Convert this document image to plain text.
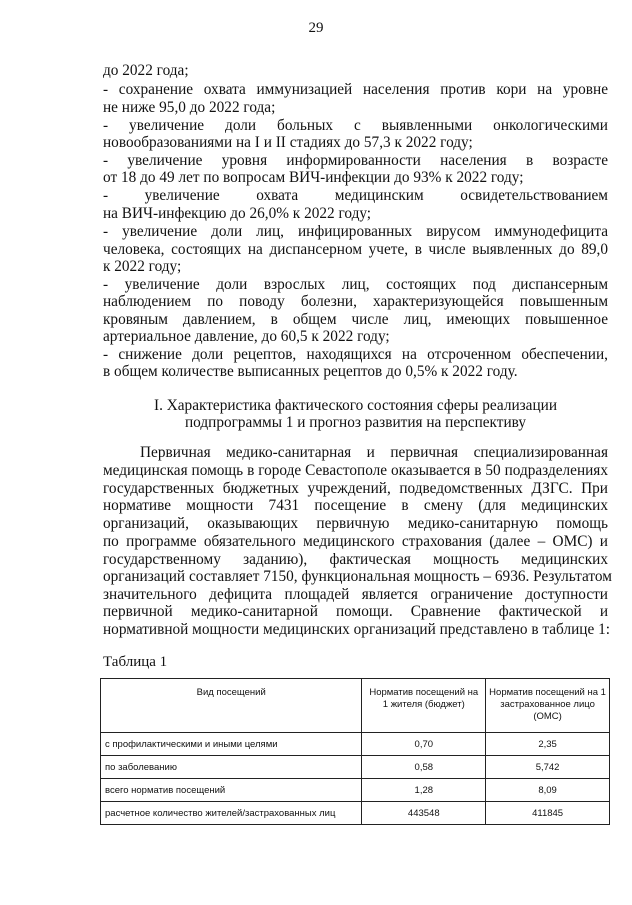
29
до 2022 года;
- сохранение охвата иммунизацией населения против кори на уровне
не ниже 95,0 до 2022 года;
- увеличение доли больных с выявленными онкологическими
новообразованиями на I и II стадиях до 57,3 к 2022 году;
- увеличение уровня информированности населения в возрасте
от 18 до 49 лет по вопросам ВИЧ-инфекции до 93% к 2022 году;
- увеличение охвата медицинским освидетельствованием
на ВИЧ-инфекцию до 26,0% к 2022 году;
- увеличение доли лиц, инфицированных вирусом иммунодефицита
человека, состоящих на диспансерном учете, в числе выявленных до 89,0
к 2022 году;
- увеличение доли взрослых лиц, состоящих под диспансерным
наблюдением по поводу болезни, характеризующейся повышенным
кровяным давлением, в общем числе лиц, имеющих повышенное
артериальное давление, до 60,5 к 2022 году;
- снижение доли рецептов, находящихся на отсроченном обеспечении,
в общем количестве выписанных рецептов до 0,5% к 2022 году.
I. Характеристика фактического состояния сферы реализации
подпрограммы 1 и прогноз развития на перспективу
Первичная медико-санитарная и первичная специализированная
медицинская помощь в городе Севастополе оказывается в 50 подразделениях
государственных бюджетных учреждений, подведомственных ДЗГС. При
нормативе мощности 7431 посещение в смену (для медицинских
организаций, оказывающих первичную медико-санитарную помощь
по программе обязательного медицинского страхования (далее – ОМС) и
государственному заданию), фактическая мощность медицинских
организаций составляет 7150, функциональная мощность – 6936. Результатом
значительного дефицита площадей является ограничение доступности
первичной медико-санитарной помощи. Сравнение фактической и
нормативной мощности медицинских организаций представлено в таблице 1:
Таблица 1
Вид посещений	Норматив посещений на 1 жителя (бюджет)	Норматив посещений на 1 застрахованное лицо (ОМС)
с профилактическими и иными целями	0,70	2,35
по заболеванию	0,58	5,742
всего норматив посещений	1,28	8,09
расчетное количество жителей/застрахованных лиц	443548	411845
